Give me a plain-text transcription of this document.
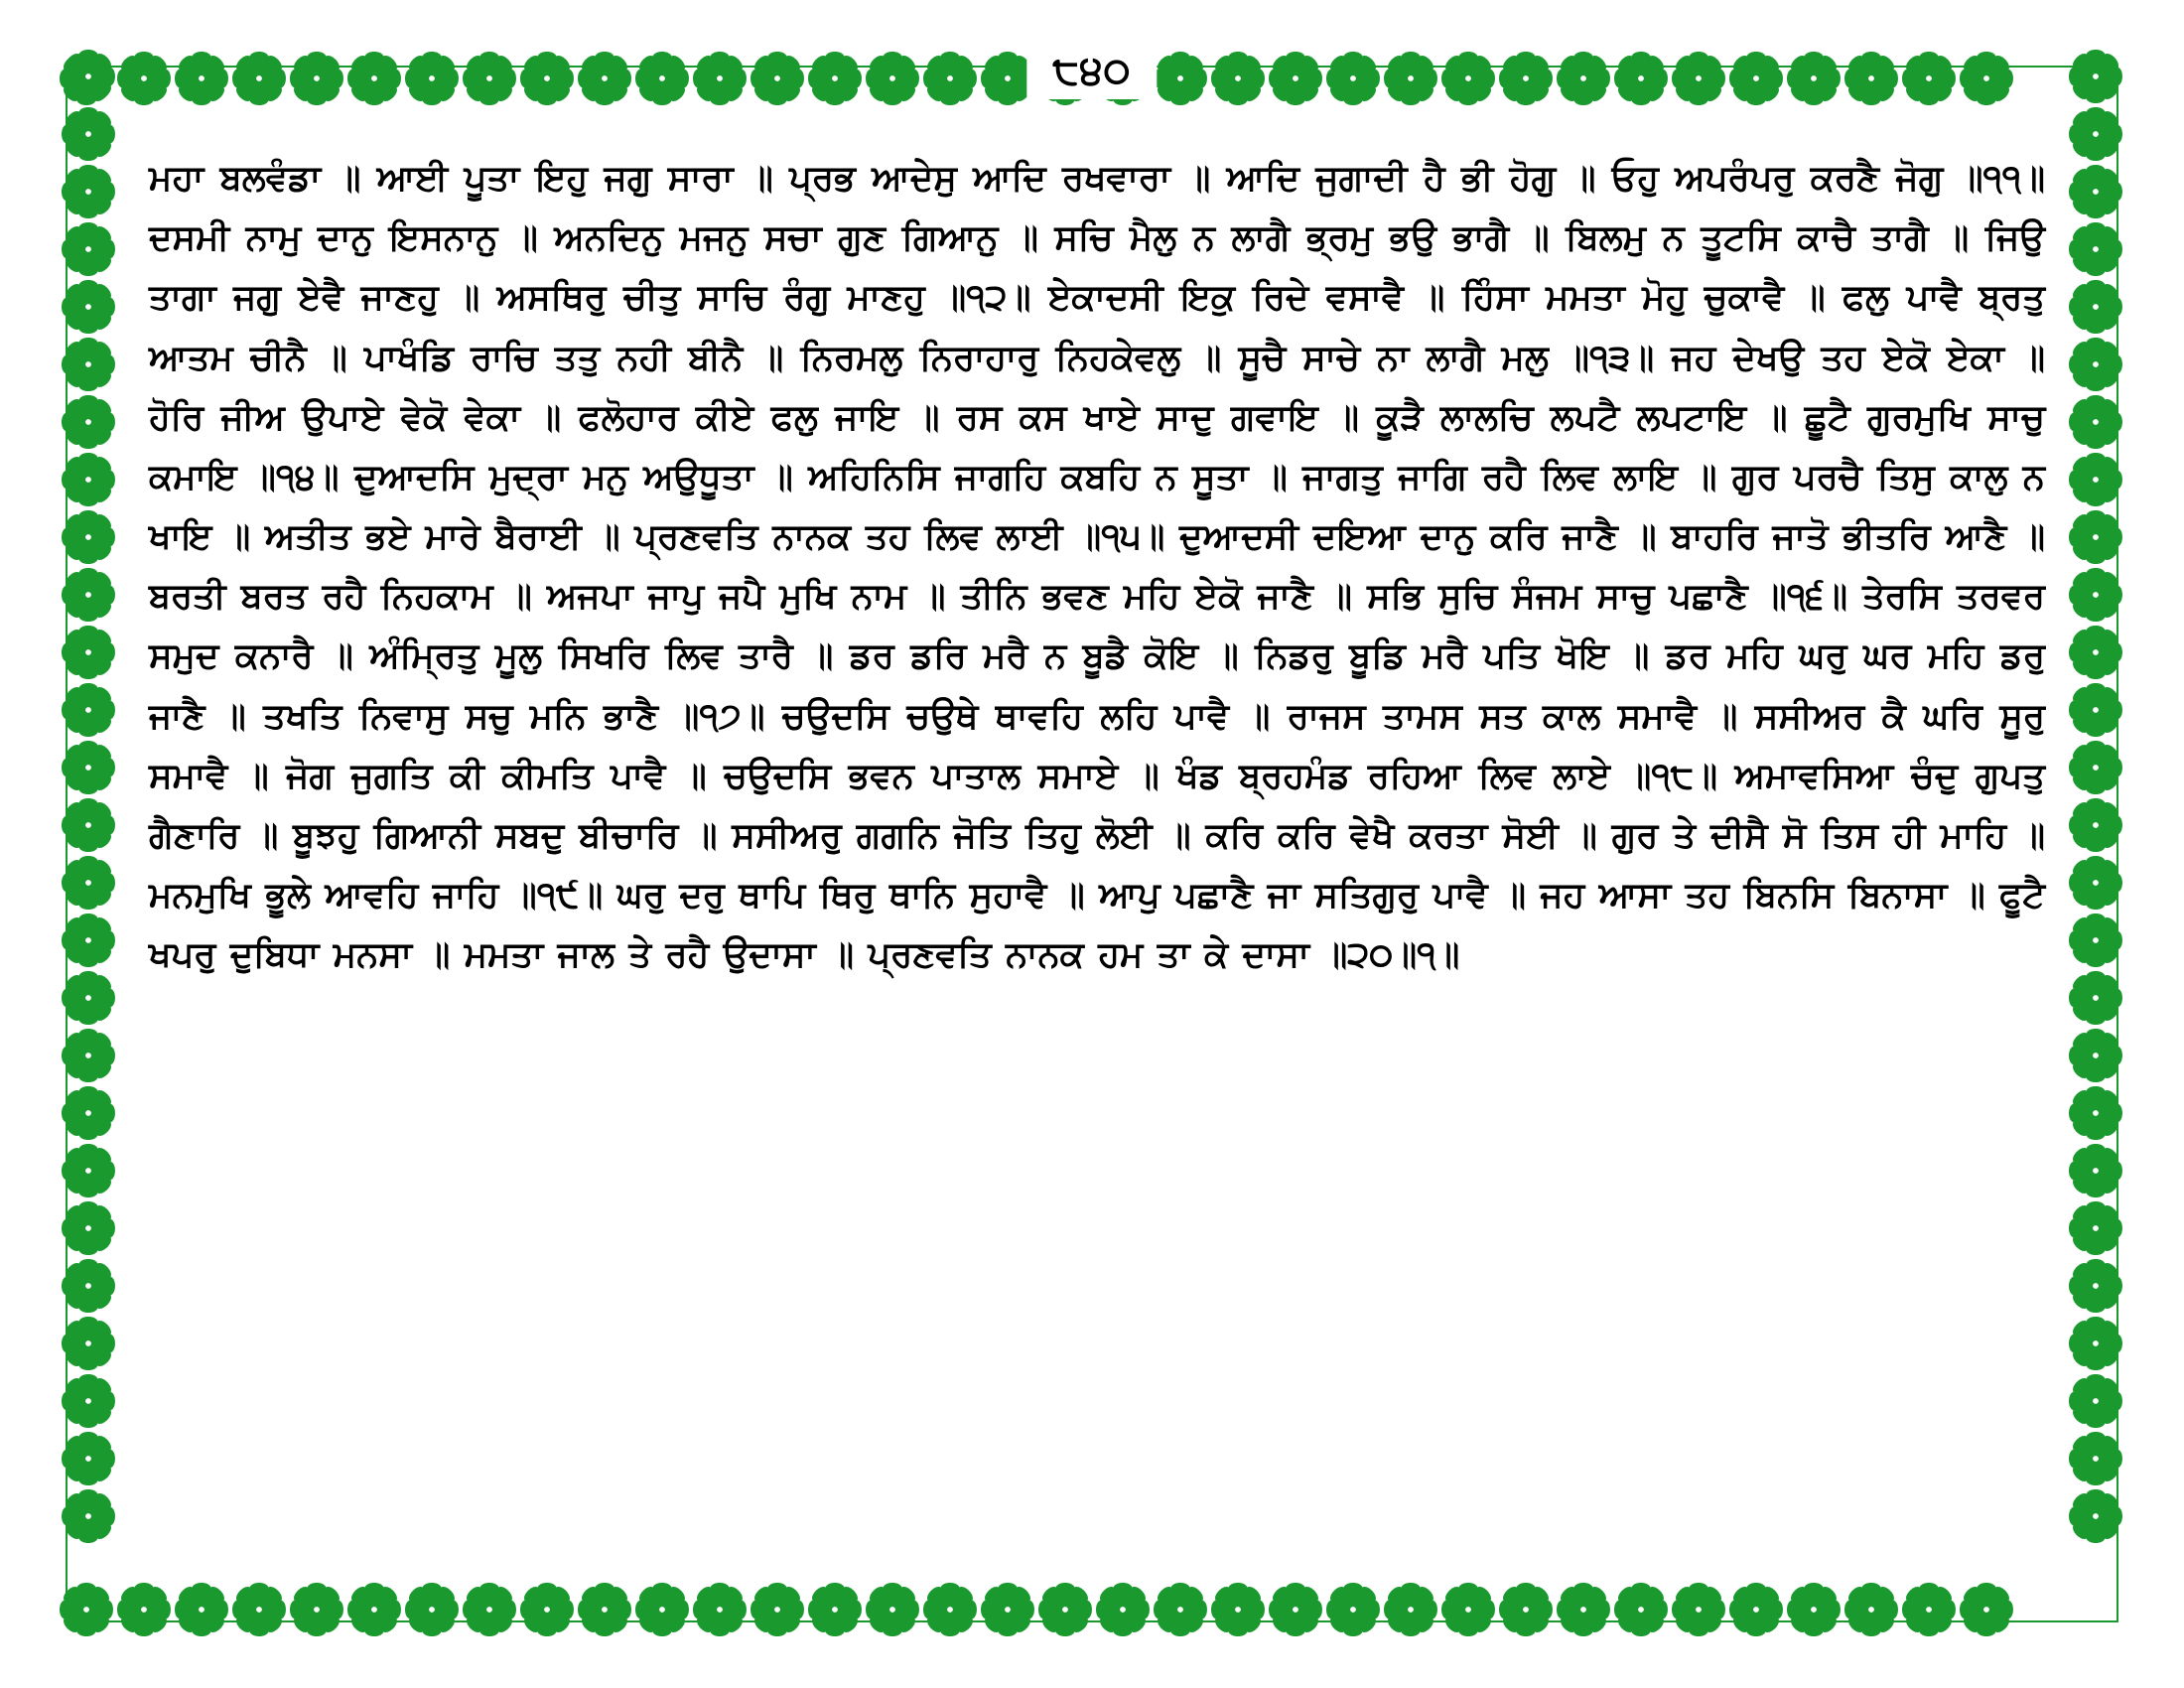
੮੪੦
ਮਹਾ ਬਲਵੰਡਾ ॥ ਆਈ ਪੂਤਾ ਇਹੁ ਜਗੁ ਸਾਰਾ ॥ ਪ੍ਰਭ ਆਦੇਸੁ ਆਦਿ ਰਖਵਾਰਾ ॥ ਆਦਿ ਜੁਗਾਦੀ ਹੈ ਭੀ ਹੋਗੁ ॥ ਓਹੁ ਅਪਰੰਪਰੁ ਕਰਣੈ ਜੋਗੁ ॥੧੧॥ ਦਸਮੀ ਨਾਮੁ ਦਾਨੁ ਇਸਨਾਨੁ ॥ ਅਨਦਿਨੁ ਮਜਨੁ ਸਚਾ ਗੁਣ ਗਿਆਨੁ ॥ ਸਚਿ ਮੈਲੁ ਨ ਲਾਗੈ ਭ੍ਰਮੁ ਭਉ ਭਾਗੈ ॥ ਬਿਲਮੁ ਨ ਤੂਟਸਿ ਕਾਚੈ ਤਾਗੈ ॥ ਜਿਉ ਤਾਗਾ ਜਗੁ ਏਵੈ ਜਾਣਹੁ ॥ ਅਸਥਿਰੁ ਚੀਤੁ ਸਾਚਿ ਰੰਗੁ ਮਾਣਹੁ ॥੧੨॥ ਏਕਾਦਸੀ ਇਕੁ ਰਿਦੇ ਵਸਾਵੈ ॥ ਹਿੰਸਾ ਮਮਤਾ ਮੋਹੁ ਚੁਕਾਵੈ ॥ ਫਲੁ ਪਾਵੈ ਬ੍ਰਤੁ ਆਤਮ ਚੀਨੈ ॥ ਪਾਖੰਡਿ ਰਾਚਿ ਤਤੁ ਨਹੀ ਬੀਨੈ ॥ ਨਿਰਮਲੁ ਨਿਰਾਹਾਰੁ ਨਿਹਕੇਵਲੁ ॥ ਸੂਚੈ ਸਾਚੇ ਨਾ ਲਾਗੈ ਮਲੁ ॥੧੩॥ ਜਹ ਦੇਖਉ ਤਹ ਏਕੋ ਏਕਾ ॥ ਹੋਰਿ ਜੀਅ ਉਪਾਏ ਵੇਕੋ ਵੇਕਾ ॥ ਫਲੋਹਾਰ ਕੀਏ ਫਲੁ ਜਾਇ ॥ ਰਸ ਕਸ ਖਾਏ ਸਾਦੁ ਗਵਾਇ ॥ ਕੂੜੈ ਲਾਲਚਿ ਲਪਟੈ ਲਪਟਾਇ ॥ ਛੂਟੈ ਗੁਰਮੁਖਿ ਸਾਚੁ ਕਮਾਇ ॥੧੪॥ ਦੁਆਦਸਿ ਮੁਦ੍ਰਾ ਮਨੁ ਅਉਧੂਤਾ ॥ ਅਹਿਨਿਸਿ ਜਾਗਹਿ ਕਬਹਿ ਨ ਸੂਤਾ ॥ ਜਾਗਤੁ ਜਾਗਿ ਰਹੈ ਲਿਵ ਲਾਇ ॥ ਗੁਰ ਪਰਚੈ ਤਿਸੁ ਕਾਲੁ ਨ ਖਾਇ ॥ ਅਤੀਤ ਭਏ ਮਾਰੇ ਬੈਰਾਈ ॥ ਪ੍ਰਣਵਤਿ ਨਾਨਕ ਤਹ ਲਿਵ ਲਾਈ ॥੧੫॥ ਦੁਆਦਸੀ ਦਇਆ ਦਾਨੁ ਕਰਿ ਜਾਣੈ ॥ ਬਾਹਰਿ ਜਾਤੋ ਭੀਤਰਿ ਆਣੈ ॥ ਬਰਤੀ ਬਰਤ ਰਹੈ ਨਿਹਕਾਮ ॥ ਅਜਪਾ ਜਾਪੁ ਜਪੈ ਮੁਖਿ ਨਾਮ ॥ ਤੀਨਿ ਭਵਣ ਮਹਿ ਏਕੋ ਜਾਣੈ ॥ ਸਭਿ ਸੁਚਿ ਸੰਜਮ ਸਾਚੁ ਪਛਾਣੈ ॥੧੬॥ ਤੇਰਸਿ ਤਰਵਰ ਸਮੁਦ ਕਨਾਰੈ ॥ ਅੰਮ੍ਰਿਤੁ ਮੂਲੁ ਸਿਖਰਿ ਲਿਵ ਤਾਰੈ ॥ ਡਰ ਡਰਿ ਮਰੈ ਨ ਬੂਡੈ ਕੋਇ ॥ ਨਿਡਰੁ ਬੂਡਿ ਮਰੈ ਪਤਿ ਖੋਇ ॥ ਡਰ ਮਹਿ ਘਰੁ ਘਰ ਮਹਿ ਡਰੁ ਜਾਣੈ ॥ ਤਖਤਿ ਨਿਵਾਸੁ ਸਚੁ ਮਨਿ ਭਾਣੈ ॥੧੭॥ ਚਉਦਸਿ ਚਉਥੇ ਥਾਵਹਿ ਲਹਿ ਪਾਵੈ ॥ ਰਾਜਸ ਤਾਮਸ ਸਤ ਕਾਲ ਸਮਾਵੈ ॥ ਸਸੀਅਰ ਕੈ ਘਰਿ ਸੂਰੁ ਸਮਾਵੈ ॥ ਜੋਗ ਜੁਗਤਿ ਕੀ ਕੀਮਤਿ ਪਾਵੈ ॥ ਚਉਦਸਿ ਭਵਨ ਪਾਤਾਲ ਸਮਾਏ ॥ ਖੰਡ ਬ੍ਰਹਮੰਡ ਰਹਿਆ ਲਿਵ ਲਾਏ ॥੧੮॥ ਅਮਾਵਸਿਆ ਚੰਦੁ ਗੁਪਤੁ ਗੈਣਾਰਿ ॥ ਬੂਝਹੁ ਗਿਆਨੀ ਸਬਦੁ ਬੀਚਾਰਿ ॥ ਸਸੀਅਰੁ ਗਗਨਿ ਜੋਤਿ ਤਿਹੁ ਲੋਈ ॥ ਕਰਿ ਕਰਿ ਵੇਖੈ ਕਰਤਾ ਸੋਈ ॥ ਗੁਰ ਤੇ ਦੀਸੈ ਸੋ ਤਿਸ ਹੀ ਮਾਹਿ ॥ ਮਨਮੁਖਿ ਭੂਲੇ ਆਵਹਿ ਜਾਹਿ ॥੧੯॥ ਘਰੁ ਦਰੁ ਥਾਪਿ ਥਿਰੁ ਥਾਨਿ ਸੁਹਾਵੈ ॥ ਆਪੁ ਪਛਾਣੈ ਜਾ ਸਤਿਗੁਰੁ ਪਾਵੈ ॥ ਜਹ ਆਸਾ ਤਹ ਬਿਨਸਿ ਬਿਨਾਸਾ ॥ ਫੂਟੈ ਖਪਰੁ ਦੁਬਿਧਾ ਮਨਸਾ ॥ ਮਮਤਾ ਜਾਲ ਤੇ ਰਹੈ ਉਦਾਸਾ ॥ ਪ੍ਰਣਵਤਿ ਨਾਨਕ ਹਮ ਤਾ ਕੇ ਦਾਸਾ ॥੨੦॥੧॥
